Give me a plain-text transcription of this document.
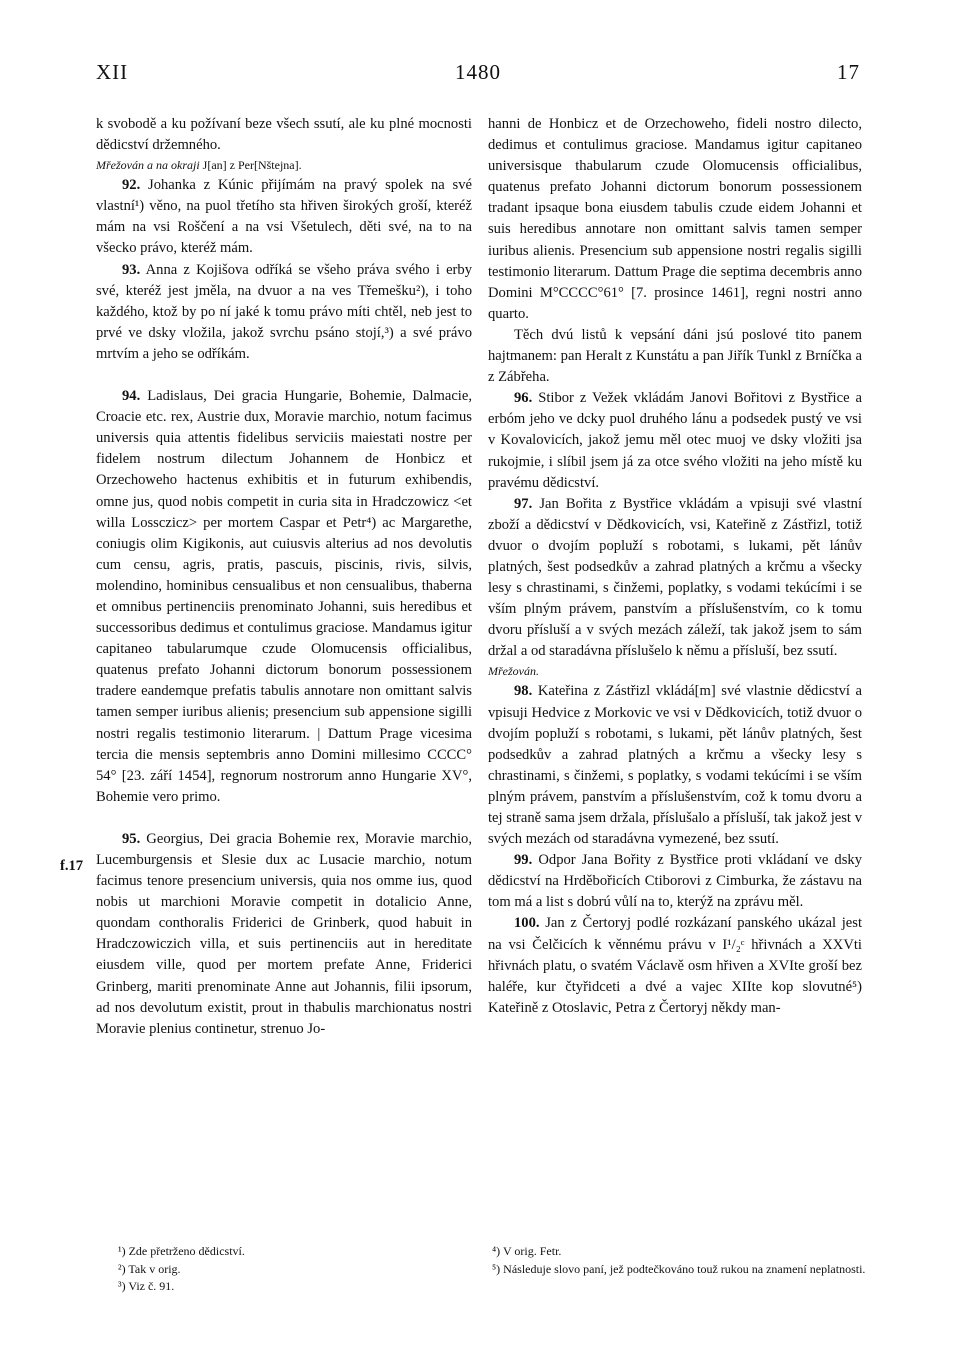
XII	1480	17
f.17

k svobodě a ku požívaní beze všech ssutí, ale ku plné mocnosti dědicství držemného.

Mřežován a na okraji J[an] z Per[Nštejna].

92. Johanka z Kúnic přijímám na pravý spolek na své vlastní¹) věno, na puol třetího sta hřiven širokých groší, kteréž mám na vsi Roščení a na vsi Všetulech, děti své, na to na všecko právo, kteréž mám.

93. Anna z Kojišova odříká se všeho práva svého i erby své, kteréž jest jměla, na dvuor a na ves Třemešku²), i toho každého, ktož by po ní jaké k tomu právo míti chtěl, neb jest to prvé ve dsky vložila, jakož svrchu psáno stojí,³) a své právo mrtvím a jeho se odříkám.

94. Ladislaus, Dei gracia Hungarie, Bohemie, Dalmacie, Croacie etc. rex, Austrie dux, Moravie marchio, notum facimus universis quia attentis fidelibus serviciis maiestati nostre per fidelem nostrum dilectum Johannem de Honbicz et Orzechoweho hactenus exhibitis et in futurum exhibendis, omne jus, quod nobis competit in curia sita in Hradczowicz <et willa Lossczicz> per mortem Caspar et Petr⁴) ac Margarethe, coniugis olim Kigikonis, aut cuiusvis alterius ad nos devolutis cum censu, agris, pratis, pascuis, piscinis, rivis, silvis, molendino, hominibus censualibus et non censualibus, thaberna et omnibus pertinenciis prenominato Johanni, suis heredibus et successoribus dedimus et contulimus graciose. Mandamus igitur capitaneo tabularumque czude Olomucensis officialibus, quatenus prefato Johanni dictorum bonorum possessionem tradere eandemque prefatis tabulis annotare non omittant salvis tamen semper iuribus alienis; presencium sub appensione sigilli nostri regalis testimonio literarum. | Dattum Prage vicesima tercia die mensis septembris anno Domini millesimo CCCC° 54° [23. září 1454], regnorum nostrorum anno Hungarie XV°, Bohemie vero primo.

95. Georgius, Dei gracia Bohemie rex, Moravie marchio, Lucemburgensis et Slesie dux ac Lusacie marchio, notum facimus tenore presencium universis, quia nos omme ius, quod nobis ut marchioni Moravie competit in dotalicio Anne, quondam conthoralis Friderici de Grinberk, quod habuit in Hradczowiczich villa, et suis pertinenciis aut in hereditate eiusdem ville, quod per mortem prefate Anne, Friderici Grinberg, mariti prenominate Anne aut Johannis, filii ipsorum, ad nos devolutum existit, prout in thabulis marchionatus nostri Moravie plenius continetur, strenuo Jo-

hanni de Honbicz et de Orzechoweho, fideli nostro dilecto, dedimus et contulimus graciose. Mandamus igitur capitaneo universisque thabularum czude Olomucensis officialibus, quatenus prefato Johanni dictorum bonorum possessionem tradant ipsaque bona eiusdem tabulis czude eidem Johanni et suis heredibus annotare non omittant salvis tamen semper iuribus alienis. Presencium sub appensione nostri regalis sigilli testimonio literarum. Dattum Prage die septima decembris anno Domini M°CCCC°61° [7. prosince 1461], regni nostri anno quarto.

Těch dvú listů k vepsání dáni jsú poslové tito panem hajtmanem: pan Heralt z Kunstátu a pan Jiřík Tunkl z Brníčka a z Zábřeha.

96. Stibor z Vežek vkládám Janovi Bořitovi z Bystřice a erbóm jeho ve dcky puol druhého lánu a podsedek pustý ve vsi v Kovalovicích, jakož jemu měl otec muoj ve dsky vložiti jsa rukojmie, i slíbil jsem já za otce svého vložiti na jeho místě ku pravému dědicství.

97. Jan Bořita z Bystřice vkládám a vpisuji své vlastní zboží a dědicství v Dědkovicích, vsi, Kateřině z Zástřizl, totiž dvuor o dvojím popluží s robotami, s lukami, pět lánův platných, šest podsedkův a zahrad platných a krčmu a všecky lesy s chrastinami, s činžemi, poplatky, s vodami tekúcími i se vším plným právem, panstvím a příslušenstvím, co k tomu dvoru přísluší a v svých mezách záleží, tak jakož jsem to sám držal a od staradávna příslušelo k němu a přísluší, bez ssutí.

Mřežován.

98. Kateřina z Zástřizl vkládá[m] své vlastnie dědicství a vpisuji Hedvice z Morkovic ve vsi v Dědkovicích, totiž dvuor o dvojím popluží s robotami, s lukami, pět lánův platných, šest podsedkův a zahrad platných a krčmu a všecky lesy s chrastinami, s činžemi, s poplatky, s vodami tekúcími i se vším plným právem, panstvím a příslušenstvím, což k tomu dvoru a tej straně sama jsem držala, příslušalo a přísluší, tak jakož jest v svých mezách od staradávna vymezené, bez ssutí.

99. Odpor Jana Bořity z Bystřice proti vkládaní ve dsky dědicství na Hrděbořicích Ctiborovi z Cimburka, že zástavu na tom má a list s dobrú vůlí na to, kterýž na zprávu měl.

100. Jan z Čertoryj podlé rozkázaní panského ukázal jest na vsi Čelčicích k věnnému právu v I¹/₂ᶜ hřivnách a XXVti hřivnách platu, o svatém Václavě osm hřiven a XVIte groší bez haléře, kur čtyřidceti a dvé a vajec XIIte kop slovutné⁵) Kateřině z Otoslavic, Petra z Čertoryj někdy man-

¹) Zde přetrženo dědicství.

²) Tak v orig.

³) Viz č. 91.

⁴) V orig. Fetr.

⁵) Následuje slovo paní, jež podtečkováno touž rukou na znamení neplatnosti.
